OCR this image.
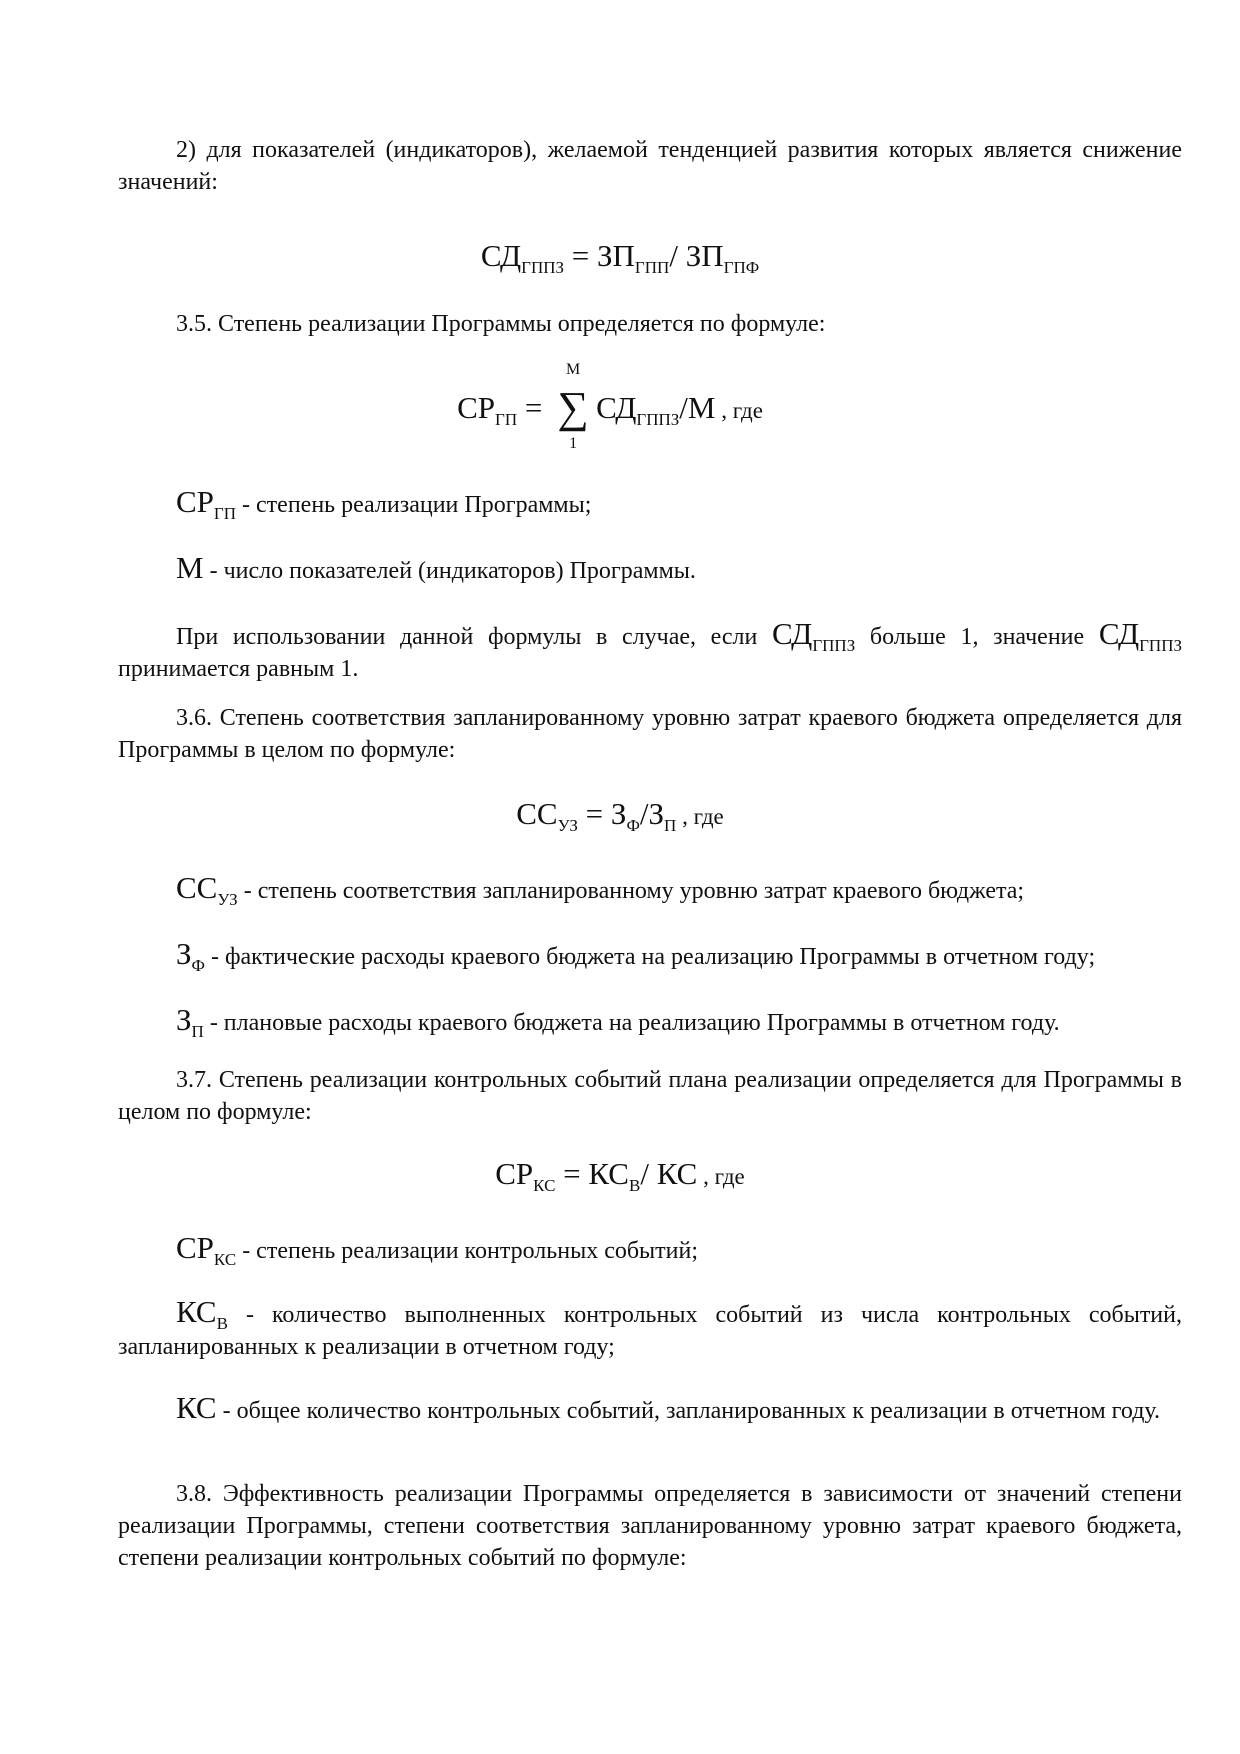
2) для показателей (индикаторов), желаемой тенденцией развития которых является снижение значений:

$СД_{ГППЗ} = ЗП_{ГПП}/$ $ЗП_{ГПФ}$

3.5. Степень реализации Программы определяется по формуле:

$СР_{ГП}$ =
M
∑
1
$СД_{ГППЗ}/M$ , где
$СР_{ГП}$ - степень реализации Программы;
М - число показателей (индикаторов) Программы.

При использовании данной формулы в случае, если $СД_{ГППЗ}$ больше 1, значение $СД_{ГППЗ}$ принимается равным 1.

3.6. Степень соответствия запланированному уровню затрат краевого бюджета определяется для Программы в целом по формуле:

$СС_{УЗ} = З_Ф/З_П$ , где
$СС_{УЗ}$ - степень соответствия запланированному уровню затрат краевого бюджета;
$З_Ф$ - фактические расходы краевого бюджета на реализацию Программы в отчетном году;
$З_П$ - плановые расходы краевого бюджета на реализацию Программы в отчетном году.

3.7. Степень реализации контрольных событий плана реализации определяется для Программы в целом по формуле:

$СР_{КС} = КС_В/$ КС , где
$СР_{КС}$ - степень реализации контрольных событий;
$КС_В$ - количество выполненных контрольных событий из числа контрольных событий, запланированных к реализации в отчетном году;
КС - общее количество контрольных событий, запланированных к реализации в отчетном году.

3.8. Эффективность реализации Программы определяется в зависимости от значений степени реализации Программы, степени соответствия запланированному уровню затрат краевого бюджета, степени реализации контрольных событий по формуле:
